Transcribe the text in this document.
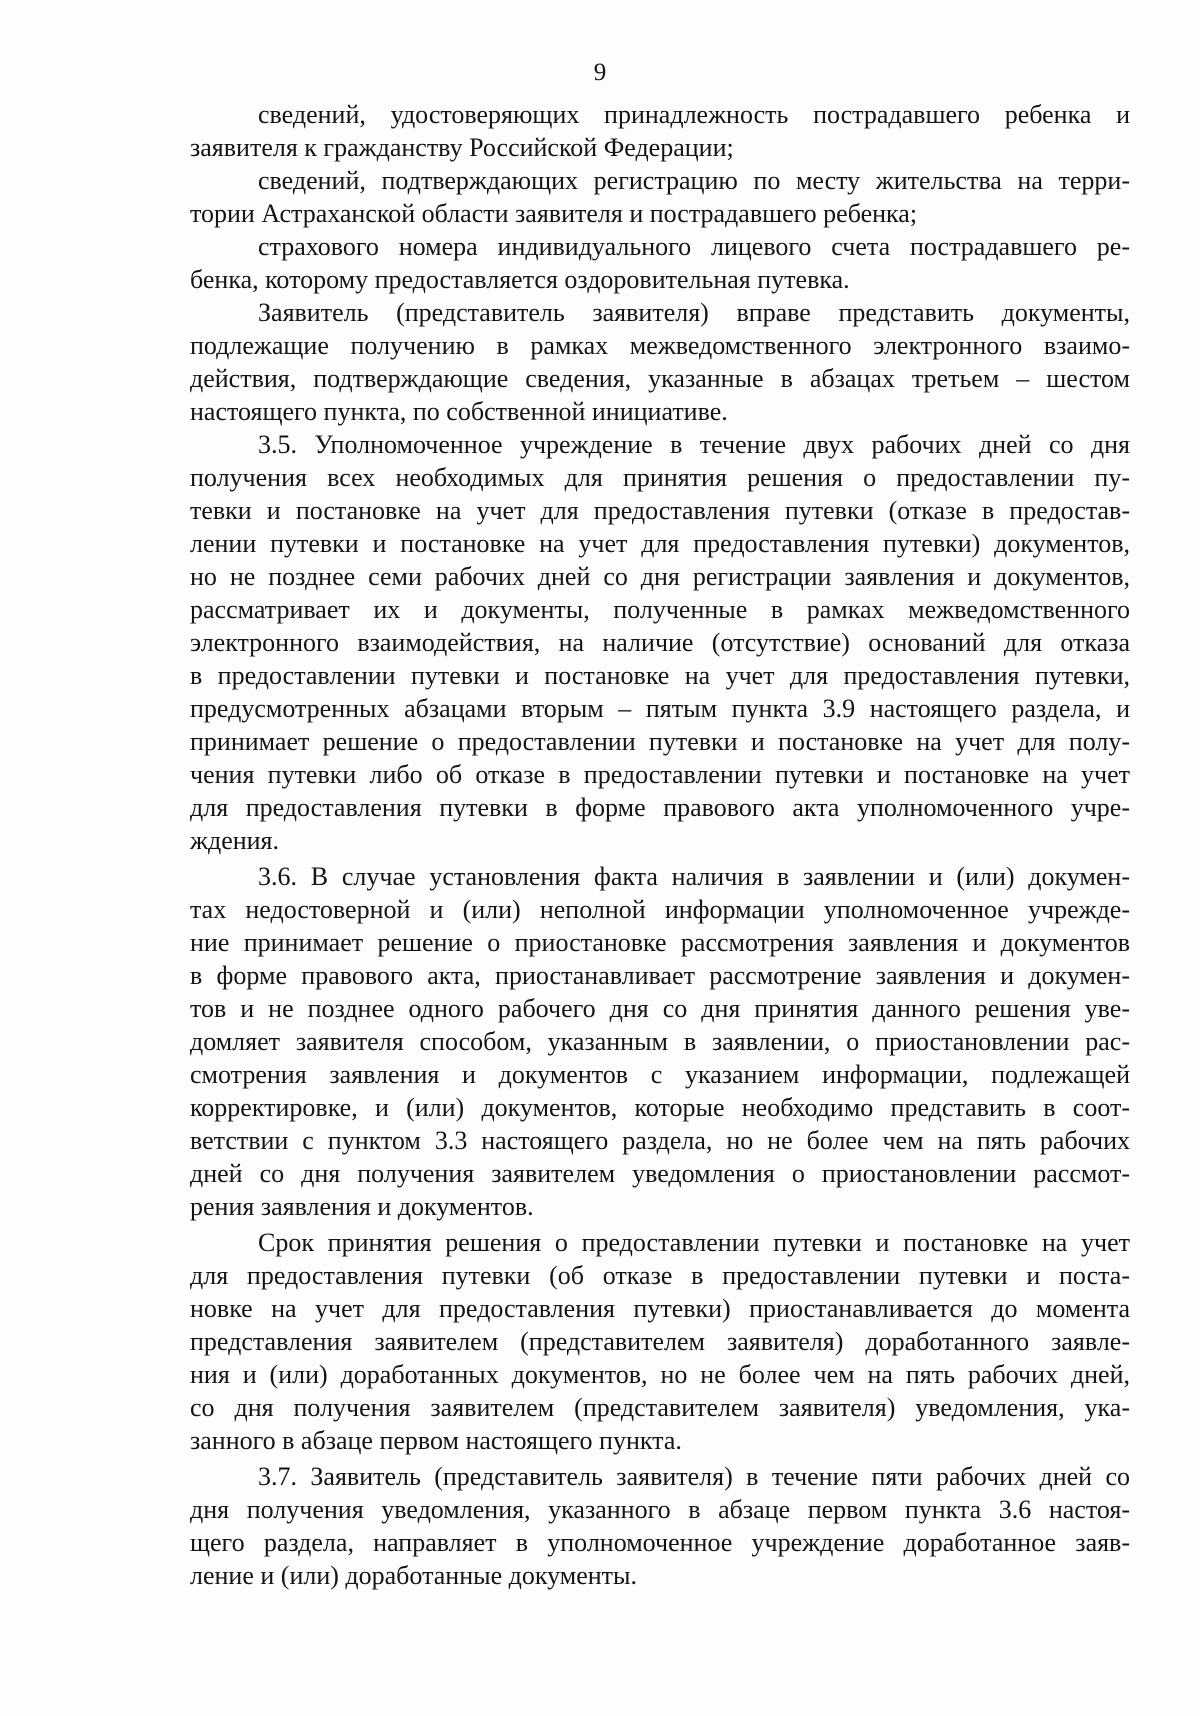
9
сведений, удостоверяющих принадлежность пострадавшего ребенка и
заявителя к гражданству Российской Федерации;
сведений, подтверждающих регистрацию по месту жительства на терри-
тории Астраханской области заявителя и пострадавшего ребенка;
страхового номера индивидуального лицевого счета пострадавшего ре-
бенка, которому предоставляется оздоровительная путевка.
Заявитель (представитель заявителя) вправе представить документы,
подлежащие получению в рамках межведомственного электронного взаимо-
действия, подтверждающие сведения, указанные в абзацах третьем – шестом
настоящего пункта, по собственной инициативе.
3.5. Уполномоченное учреждение в течение двух рабочих дней со дня
получения всех необходимых для принятия решения о предоставлении пу-
тевки и постановке на учет для предоставления путевки (отказе в предостав-
лении путевки и постановке на учет для предоставления путевки) документов,
но не позднее семи рабочих дней со дня регистрации заявления и документов,
рассматривает их и документы, полученные в рамках межведомственного
электронного взаимодействия, на наличие (отсутствие) оснований для отказа
в предоставлении путевки и постановке на учет для предоставления путевки,
предусмотренных абзацами вторым – пятым пункта 3.9 настоящего раздела, и
принимает решение о предоставлении путевки и постановке на учет для полу-
чения путевки либо об отказе в предоставлении путевки и постановке на учет
для предоставления путевки в форме правового акта уполномоченного учре-
ждения.
3.6. В случае установления факта наличия в заявлении и (или) докумен-
тах недостоверной и (или) неполной информации уполномоченное учрежде-
ние принимает решение о приостановке рассмотрения заявления и документов
в форме правового акта, приостанавливает рассмотрение заявления и докумен-
тов и не позднее одного рабочего дня со дня принятия данного решения уве-
домляет заявителя способом, указанным в заявлении, о приостановлении рас-
смотрения заявления и документов с указанием информации, подлежащей
корректировке, и (или) документов, которые необходимо представить в соот-
ветствии с пунктом 3.3 настоящего раздела, но не более чем на пять рабочих
дней со дня получения заявителем уведомления о приостановлении рассмот-
рения заявления и документов.
Срок принятия решения о предоставлении путевки и постановке на учет
для предоставления путевки (об отказе в предоставлении путевки и поста-
новке на учет для предоставления путевки) приостанавливается до момента
представления заявителем (представителем заявителя) доработанного заявле-
ния и (или) доработанных документов, но не более чем на пять рабочих дней,
со дня получения заявителем (представителем заявителя) уведомления, ука-
занного в абзаце первом настоящего пункта.
3.7. Заявитель (представитель заявителя) в течение пяти рабочих дней со
дня получения уведомления, указанного в абзаце первом пункта 3.6 настоя-
щего раздела, направляет в уполномоченное учреждение доработанное заяв-
ление и (или) доработанные документы.
